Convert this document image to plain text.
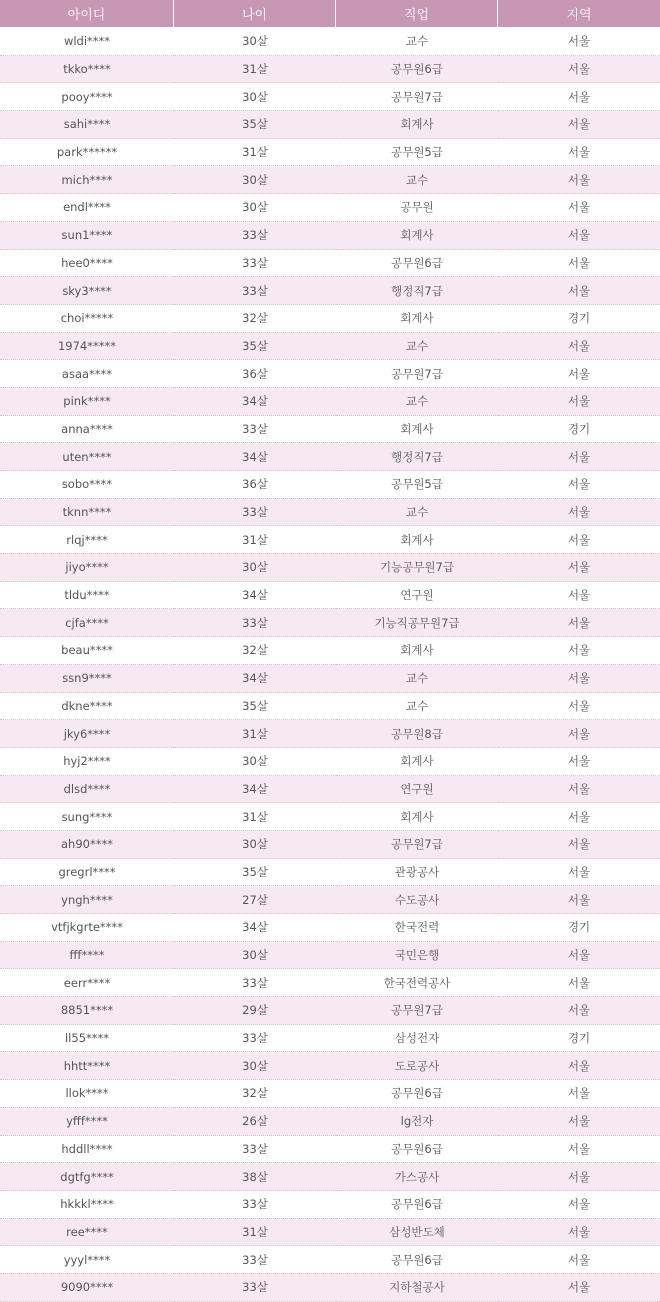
아이디	나이	직업	지역
wldi****	30살	교수	서울
tkko****	31살	공무원6급	서울
pooy****	30살	공무원7급	서울
sahi****	35살	회계사	서울
park******	31살	공무원5급	서울
mich****	30살	교수	서울
endl****	30살	공무원	서울
sun1****	33살	회계사	서울
hee0****	33살	공무원6급	서울
sky3****	33살	행정직7급	서울
choi*****	32살	회계사	경기
1974*****	35살	교수	서울
asaa****	36살	공무원7급	서울
pink****	34살	교수	서울
anna****	33살	회계사	경기
uten****	34살	행정직7급	서울
sobo****	36살	공무원5급	서울
tknn****	33살	교수	서울
rlqj****	31살	회계사	서울
jiyo****	30살	기능공무원7급	서울
tldu****	34살	연구원	서울
cjfa****	33살	기능직공무원7급	서울
beau****	32살	회계사	서울
ssn9****	34살	교수	서울
dkne****	35살	교수	서울
jky6****	31살	공무원8급	서울
hyj2****	30살	회계사	서울
dlsd****	34살	연구원	서울
sung****	31살	회계사	서울
ah90****	30살	공무원7급	서울
gregrl****	35살	관광공사	서울
yngh****	27살	수도공사	서울
vtfjkgrte****	34살	한국전력	경기
fff****	30살	국민은행	서울
eerr****	33살	한국전력공사	서울
8851****	29살	공무원7급	서울
ll55****	33살	삼성전자	경기
hhtt****	30살	도로공사	서울
llok****	32살	공무원6급	서울
yfff****	26살	lg전자	서울
hddll****	33살	공무원6급	서울
dgtfg****	38살	가스공사	서울
hkkkl****	33살	공무원6급	서울
ree****	31살	삼성반도체	서울
yyyl****	33살	공무원6급	서울
9090****	33살	지하철공사	서울
